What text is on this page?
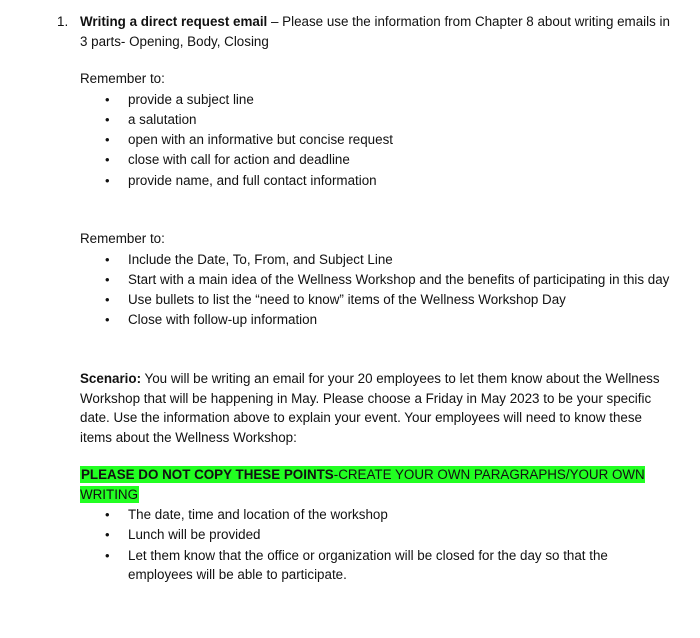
1. Writing a direct request email – Please use the information from Chapter 8 about writing emails in 3 parts- Opening, Body, Closing

Remember to:

• provide a subject line
• a salutation
• open with an informative but concise request
• close with call for action and deadline
• provide name, and full contact information

Remember to:

• Include the Date, To, From, and Subject Line
• Start with a main idea of the Wellness Workshop and the benefits of participating in this day
• Use bullets to list the “need to know” items of the Wellness Workshop Day
• Close with follow-up information
Scenario: You will be writing an email for your 20 employees to let them know about the Wellness Workshop that will be happening in May. Please choose a Friday in May 2023 to be your specific date. Use the information above to explain your event. Your employees will need to know these items about the Wellness Workshop:
PLEASE DO NOT COPY THESE POINTS-CREATE YOUR OWN PARAGRAPHS/YOUR OWN WRITING
• The date, time and location of the workshop
• Lunch will be provided
• Let them know that the office or organization will be closed for the day so that the employees will be able to participate.
